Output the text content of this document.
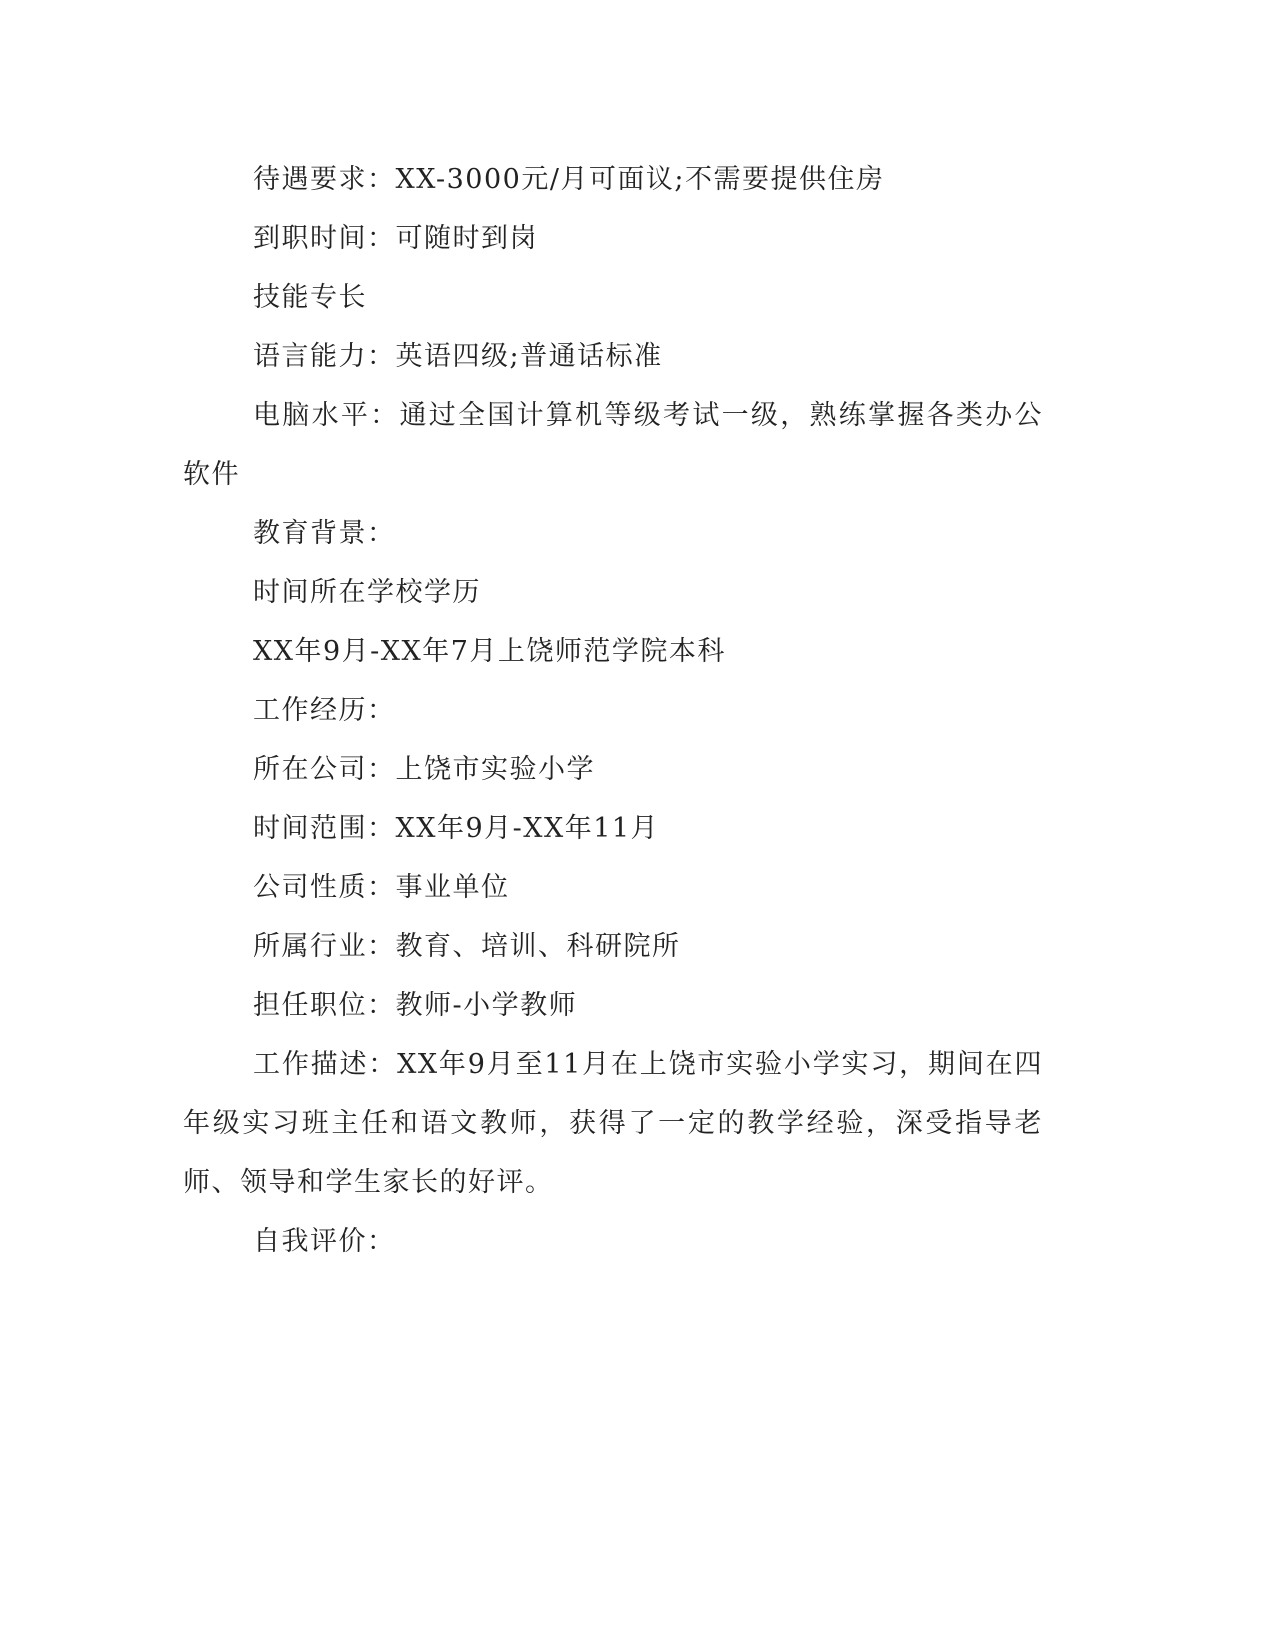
待遇要求：XX-3000元/月可面议;不需要提供住房

到职时间：可随时到岗

技能专长

语言能力：英语四级;普通话标准

电脑水平：通过全国计算机等级考试一级，熟练掌握各类办公软件

教育背景：

时间所在学校学历

XX年9月-XX年7月上饶师范学院本科

工作经历：

所在公司：上饶市实验小学

时间范围：XX年9月-XX年11月

公司性质：事业单位

所属行业：教育、培训、科研院所

担任职位：教师-小学教师

工作描述：XX年9月至11月在上饶市实验小学实习，期间在四年级实习班主任和语文教师，获得了一定的教学经验，深受指导老师、领导和学生家长的好评。

自我评价：
